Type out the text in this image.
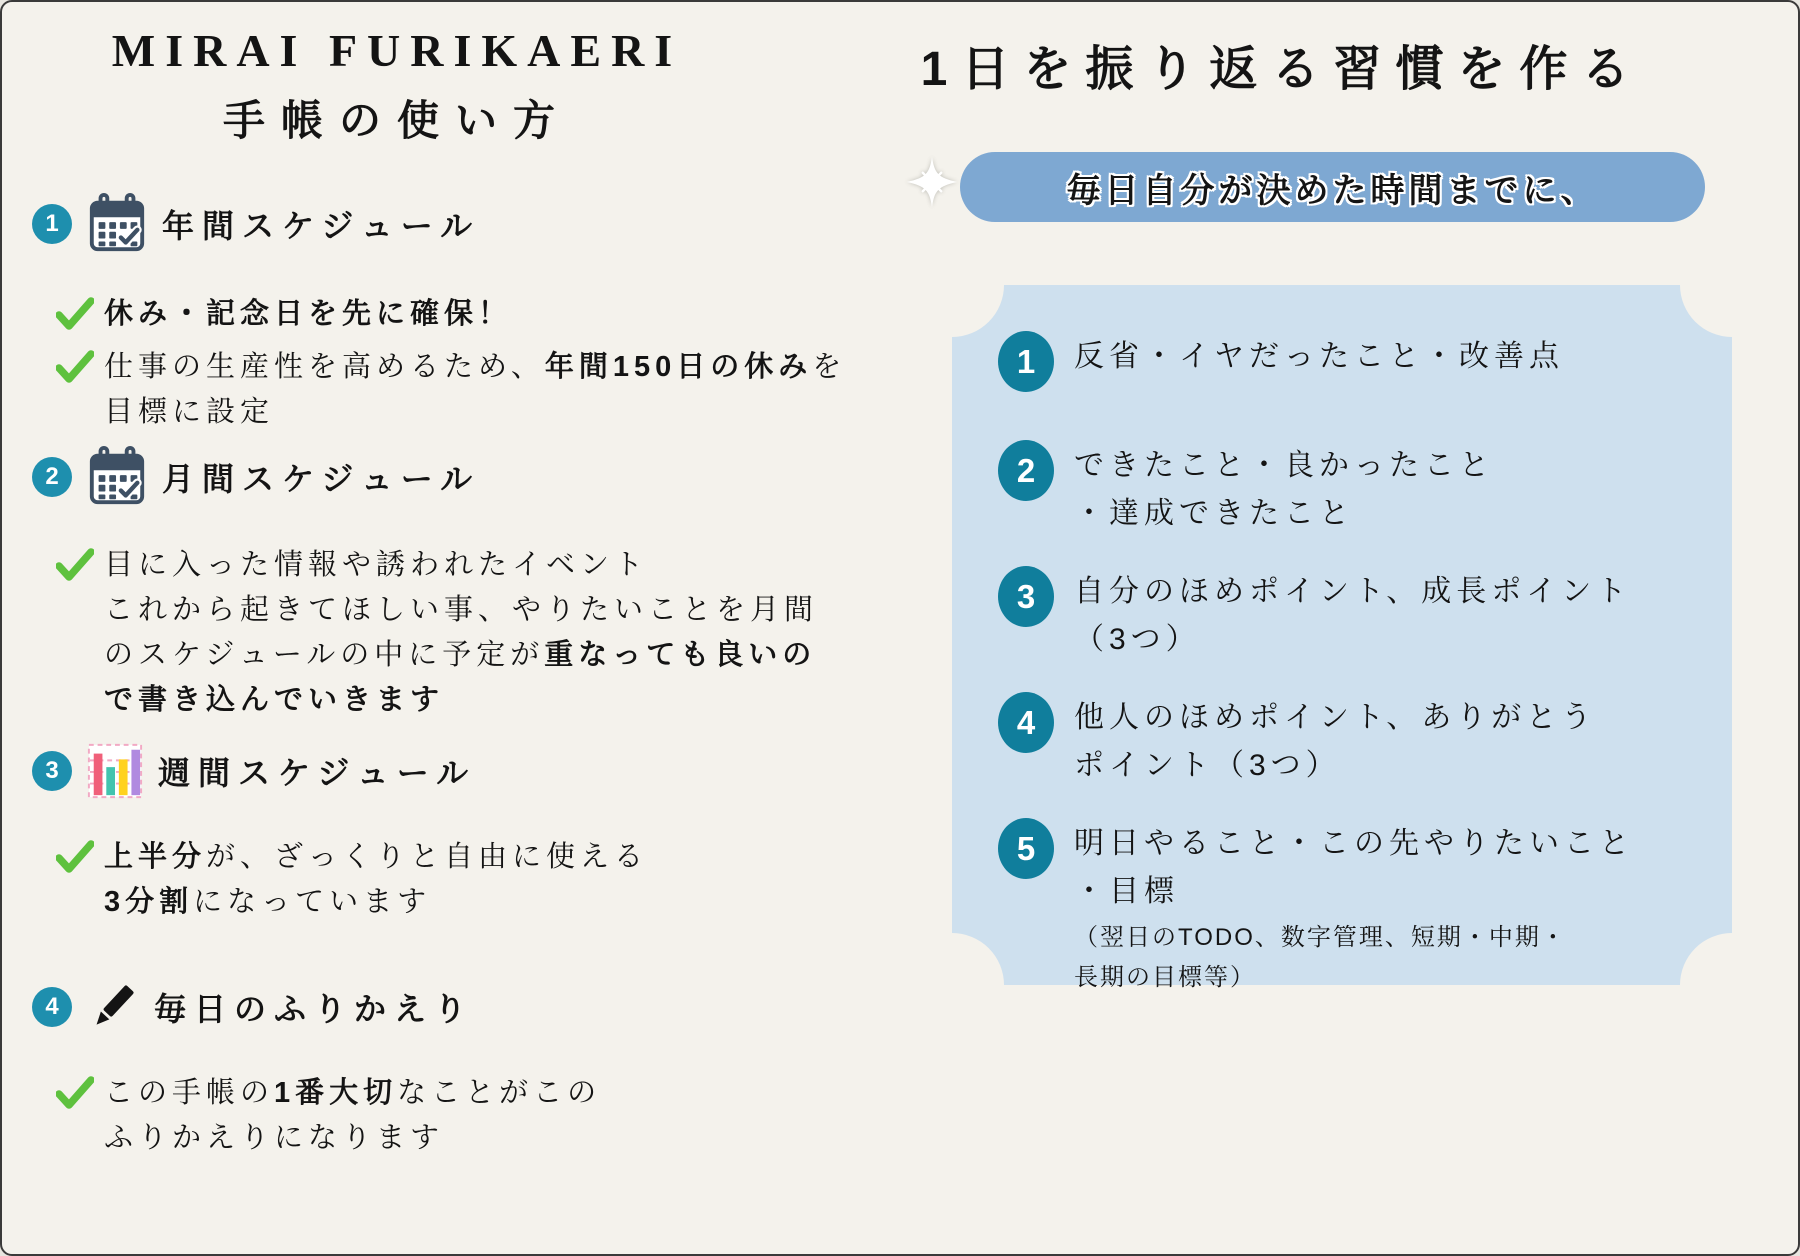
MIRAI FURIKAERI
手帳の使い方
1	年間スケジュール
休み・記念日を先に確保！
仕事の生産性を高めるため、年間150日の休みを
目標に設定
2	月間スケジュール
目に入った情報や誘われたイベント
これから起きてほしい事、やりたいことを月間
のスケジュールの中に予定が重なっても良いの
で書き込んでいきます
3	週間スケジュール
上半分が、ざっくりと自由に使える
3分割になっています
4	毎日のふりかえり
この手帳の1番大切なことがこの
ふりかえりになります
1日を振り返る習慣を作る
毎日自分が決めた時間までに、
1	反省・イヤだったこと・改善点
2	できたこと・良かったこと
・達成できたこと
3	自分のほめポイント、成長ポイント
（3つ）
4	他人のほめポイント、ありがとう
ポイント（3つ）
5	明日やること・この先やりたいこと
・目標
（翌日のTODO、数字管理、短期・中期・
長期の目標等）
